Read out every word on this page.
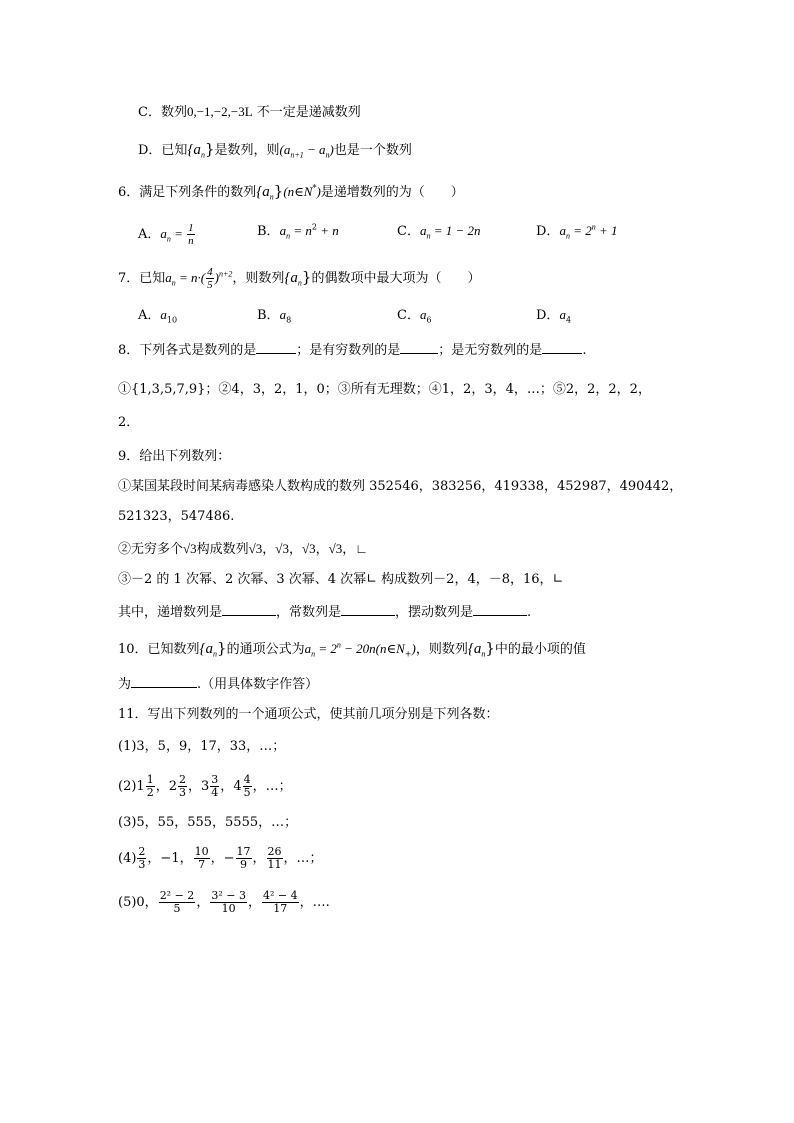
C．数列0,−1,−2,−3L 不一定是递减数列
D．已知$\{a_n\}$是数列，则$(a_{n+1} - a_n)$也是一个数列
6．满足下列条件的数列$\{a_n\}(n\in N^*)$是递增数列的为（　　）
A．$a_n = \frac{1}{n}$	B．$a_n = n^2 + n$	C．$a_n = 1 - 2n$	D．$a_n = 2^n + 1$
7．已知$a_n = n\cdot( \frac{4}{5} )^{n+2}$，则数列$\{a_n\}$的偶数项中最大项为（　　）
A．$a_{10}$	B．$a_8$	C．$a_6$	D．$a_4$
8．下列各式是数列的是	；是有穷数列的是	；是无穷数列的是	.
①{1,3,5,7,9}；②4，3，2，1，0；③所有无理数；④1，2，3，4，…；⑤2，2，2，2，
2．
9．给出下列数列：
①某国某段时间某病毒感染人数构成的数列 352546，383256，419338，452987，490442，
521323，547486.
②无穷多个√3构成数列√3，√3，√3，√3，∟
③－2 的 1 次幂、2 次幂、3 次幂、4 次幂∟ 构成数列－2，4，－8，16，∟
其中，递增数列是	，常数列是	，摆动数列是	.
10．已知数列$\{a_n\}$的通项公式为$a_n = 2^n$ − $20n(n\in N_+)$，则数列$\{a_n\}$中的最小项的值
为	.（用具体数字作答）
11．写出下列数列的一个通项公式，使其前几项分别是下列各数：
(1)3，5，9，17，33，…；
$(2)1 \frac{1}{2}$ ，$2 \frac{2}{3}$ ，$3 \frac{3}{4}$ ，$4 \frac{4}{5}$ ，…；
(3)5，55，555，5555，…；
$(4) \frac{2}{3}$ ，−1， $\frac{10}{7}$ ，− $\frac{17}{9}$ ， $\frac{26}{11}$ ，…；
(5)0， $\frac{\text{2² − 2}}{5}$ ， $\frac{\text{3² − 3}}{10}$ ， $\frac{\text{4² − 4}}{17}$ ，….
